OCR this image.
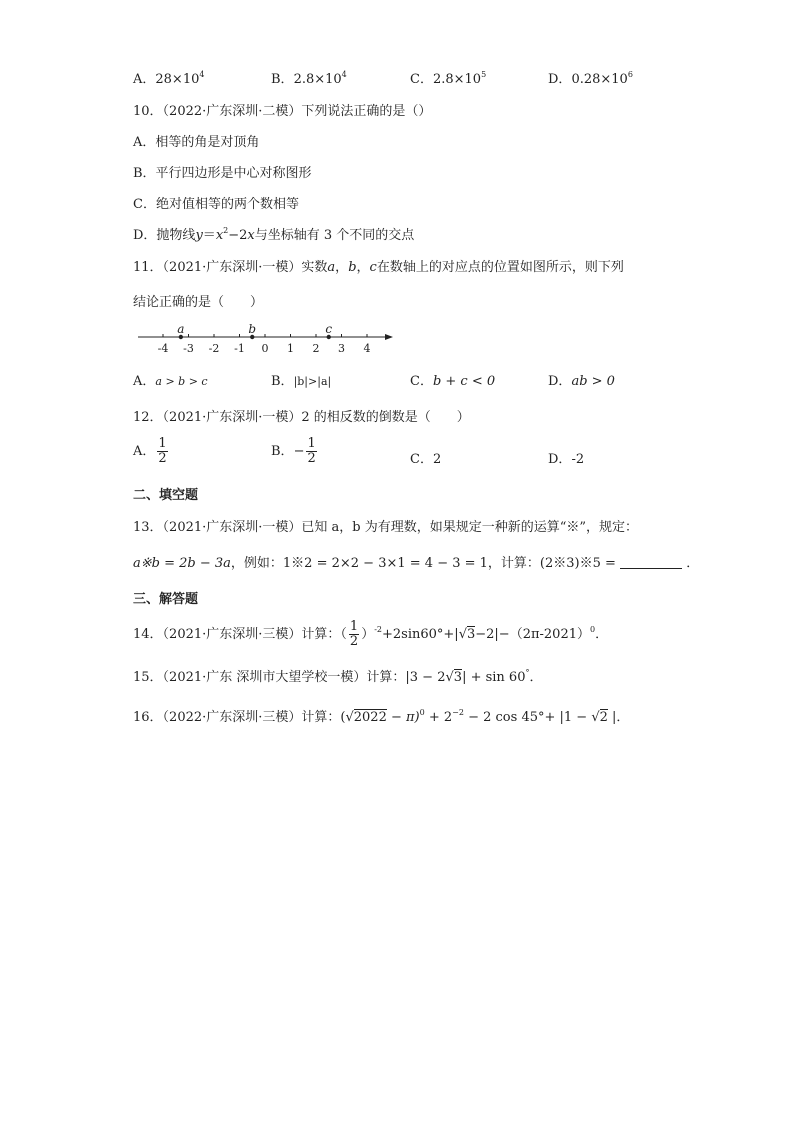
A．$28\times 10^4$	B．$2.8\times 10^4$	C．$2.8\times 10^5$	D．$0.28\times 10^6$
10．（2022·广东深圳·二模）下列说法正确的是（）
A．相等的角是对顶角
B．平行四边形是中心对称图形
C．绝对值相等的两个数相等
D．抛物线$y=x^2-2x$与坐标轴有 3 个不同的交点
11．（2021·广东深圳·一模）实数a，b，c在数轴上的对应点的位置如图所示，则下列
结论正确的是（　　）
-4 -3 -2 -1 0 1 2 3 4
a	b	c
A．a > b > c	B．|b|>|a|	C．b + c < 0	D．ab > 0
12．（2021·广东深圳·一模）2 的相反数的倒数是（　　）
A． $\frac{1}{2}$	B．− $\frac{1}{2}$	C．2	D．-2
二、填空题
13．（2021·广东深圳·一模）已知 a，b 为有理数，如果规定一种新的运算“※”，规定：
a※b = 2b − 3a，例如：1※2 = 2×2 − 3×1 = 4 − 3 = 1，计算：(2※3)※5 =	．
三、解答题
14．（2021·广东深圳·三模）计算：（ $\frac{1}{2} )^{-2}+2\sin 60^\circ+|√3-2|-(2\pi-2021)^0$．
15．（2021·广东 深圳市大望学校一模）计算：|3 − 2√3| + sin 60°．
16．（2022·广东深圳·三模）计算：$(√2022 - \pi)^0 + 2^{-2} - 2$ cos 45°+ |1 − √2 |．
